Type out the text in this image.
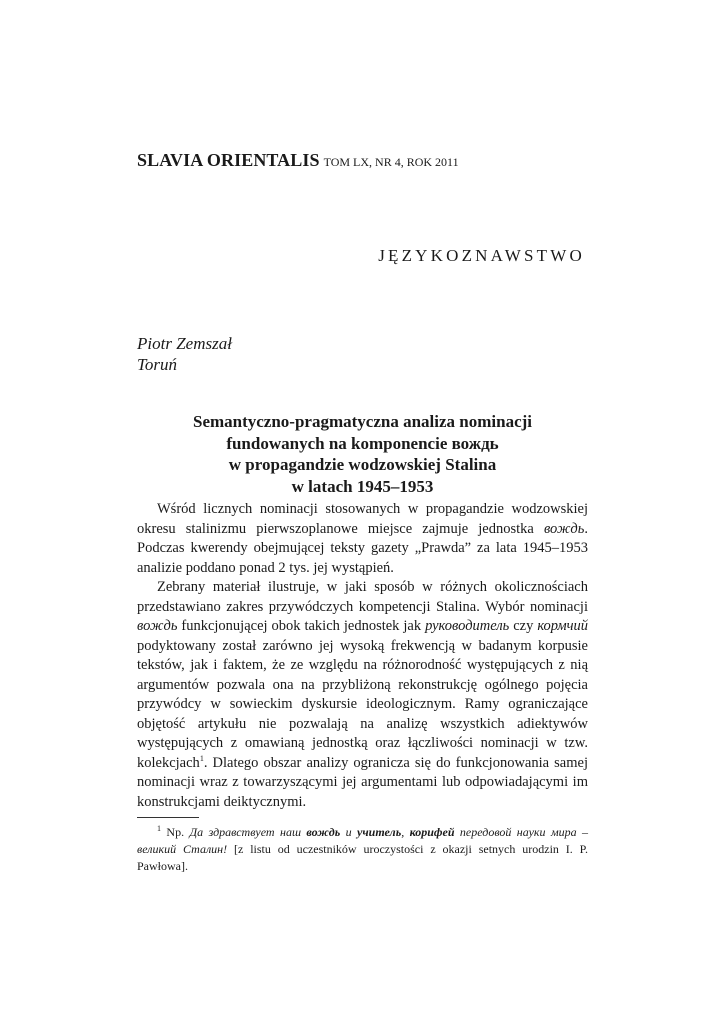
SLAVIA ORIENTALIS TOM LX, NR 4, ROK 2011
JĘZYKOZNAWSTWO
Piotr Zemszał
Toruń
Semantyczno-pragmatyczna analiza nominacji
fundowanych na komponencie вождь
w propagandzie wodzowskiej Stalina
w latach 1945–1953

Wśród licznych nominacji stosowanych w propagandzie wodzowskiej okresu stalinizmu pierwszoplanowe miejsce zajmuje jednostka вождь. Podczas kwerendy obejmującej teksty gazety „Prawda” za lata 1945–1953 analizie poddano ponad 2 tys. jej wystąpień.

Zebrany materiał ilustruje, w jaki sposób w różnych okolicznościach przedstawiano zakres przywódczych kompetencji Stalina. Wybór nominacji вождь funkcjonującej obok takich jednostek jak руководитель czy кормчий podyktowany został zarówno jej wysoką frekwencją w badanym korpusie tekstów, jak i faktem, że ze względu na różnorodność występujących z nią argumentów pozwala ona na przybliżoną rekonstrukcję ogólnego pojęcia przywódcy w sowieckim dyskursie ideologicznym. Ramy ograniczające objętość artykułu nie pozwalają na analizę wszystkich adiektywów występujących z omawianą jednostką oraz łączliwości nominacji w tzw. kolekcjach$^1$. Dlatego obszar analizy ogranicza się do funkcjonowania samej nominacji wraz z towarzyszącymi jej argumentami lub odpowiadającymi im konstrukcjami deiktycznymi.

$^1$ Np. Да здравствует наш вождь и учитель, корифей передовой науки мира – великий Сталин! [z listu od uczestników uroczystości z okazji setnych urodzin I. P. Pawłowa].
